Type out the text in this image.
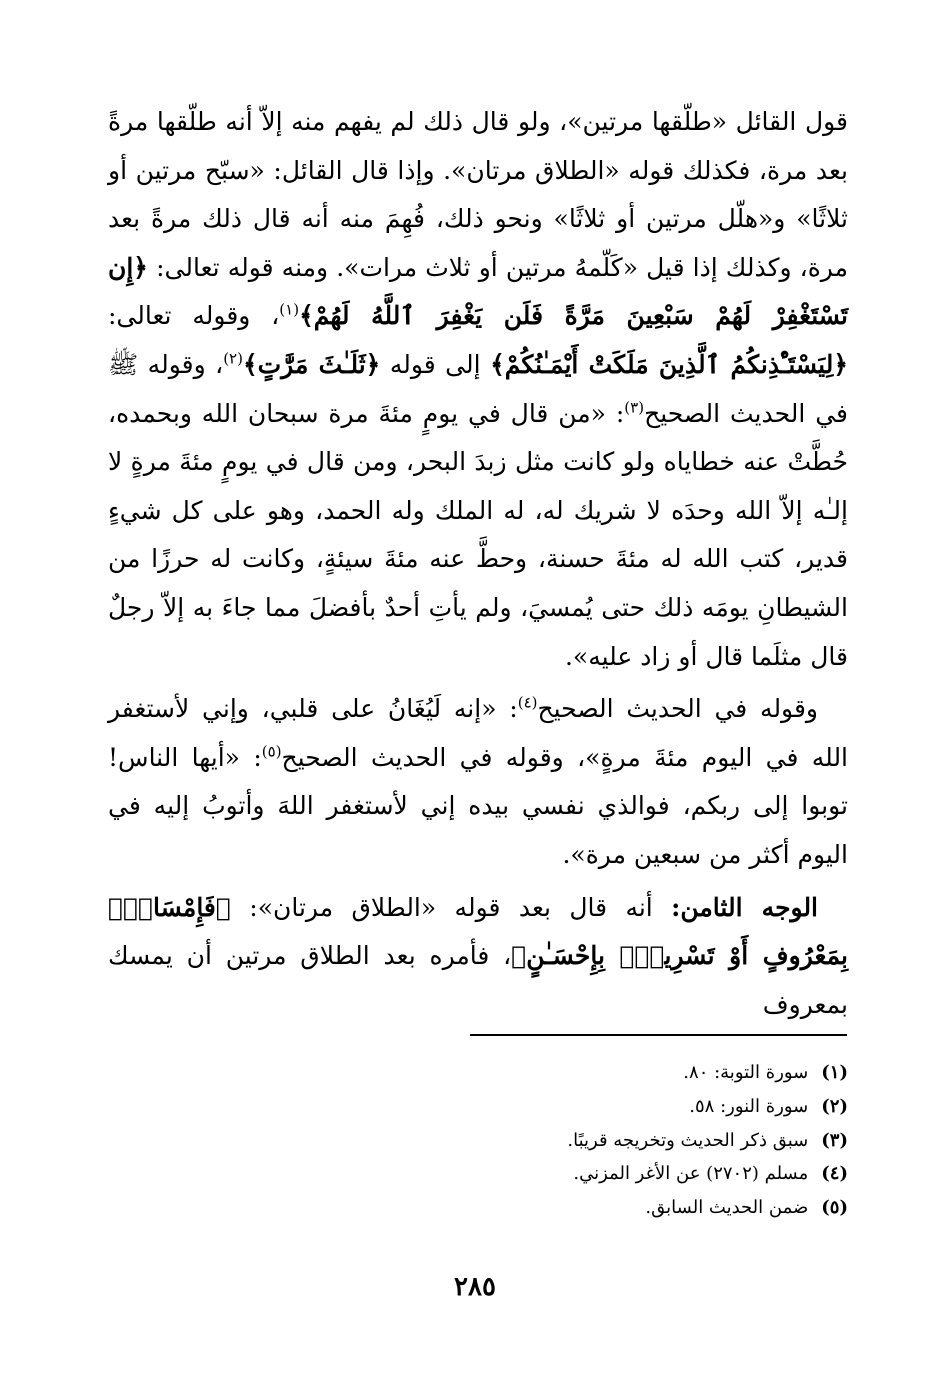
قول القائل «طلّقها مرتين»، ولو قال ذلك لم يفهم منه إلاّ أنه طلّقها مرةً بعد مرة، فكذلك قوله «الطلاق مرتان». وإذا قال القائل: «سبّح مرتين أو ثلاثًا» و«هلّل مرتين أو ثلاثًا» ونحو ذلك، فُهِمَ منه أنه قال ذلك مرةً بعد مرة، وكذلك إذا قيل «كَلّمهُ مرتين أو ثلاث مرات». ومنه قوله تعالى: ﴿إِن تَسْتَغْفِرْ لَهُمْ سَبْعِينَ مَرَّةً فَلَن يَغْفِرَ ٱللَّهُ لَهُمْ﴾$^{(١)}$، وقوله تعالى: ﴿لِيَسْتَـْٔذِنكُمُ ٱلَّذِينَ مَلَكَتْ أَيْمَـٰنُكُمْ﴾ إلى قوله ﴿ثَلَـٰثَ مَرَّٰتٍ﴾$^{(٢)}$، وقوله ﷺ في الحديث الصحيح$^{(٣)}$: «من قال في يومٍ مئةَ مرة سبحان الله وبحمده، حُطَّتْ عنه خطاياه ولو كانت مثل زبدَ البحر، ومن قال في يومٍ مئةَ مرةٍ لا إلـٰه إلاّ الله وحدَه لا شريك له، له الملك وله الحمد، وهو على كل شيءٍ قدير، كتب الله له مئةَ حسنة، وحطَّ عنه مئةَ سيئةٍ، وكانت له حرزًا من الشيطانِ يومَه ذلك حتى يُمسيَ، ولم يأتِ أحدٌ بأفضلَ مما جاءَ به إلاّ رجلٌ قال مثلَما قال أو زاد عليه».

وقوله في الحديث الصحيح$^{(٤)}$: «إنه لَيُغَانُ على قلبي، وإني لأستغفر الله في اليوم مئةَ مرةٍ»، وقوله في الحديث الصحيح$^{(٥)}$: «أيها الناس! توبوا إلى ربكم، فوالذي نفسي بيده إني لأستغفر اللهَ وأتوبُ إليه في اليوم أكثر من سبعين مرة».

الوجه الثامن: أنه قال بعد قوله «الطلاق مرتان»: ﴿فَإِمْسَاكٌۢ بِمَعْرُوفٍ أَوْ تَسْرِيحٌۢ بِإِحْسَـٰنٍ﴾، فأمره بعد الطلاق مرتين أن يمسك بمعروف

(١) سورة التوبة: ٨٠.

(٢) سورة النور: ٥٨.

(٣) سبق ذكر الحديث وتخريجه قريبًا.

(٤) مسلم (٢٧٠٢) عن الأغر المزني.

(٥) ضمن الحديث السابق.

٢٨٥
